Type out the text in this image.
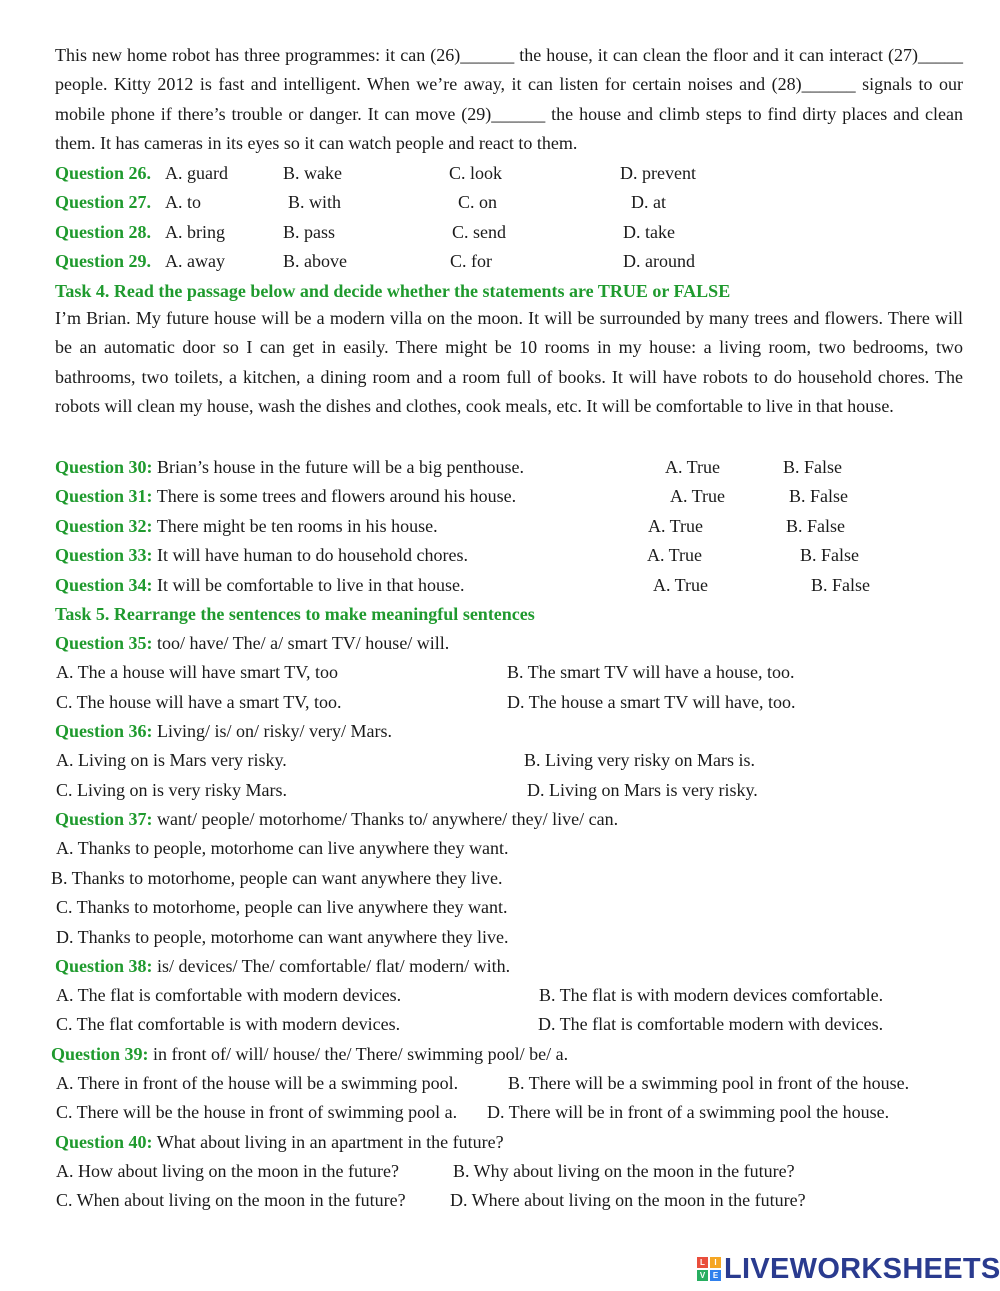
This new home robot has three programmes: it can (26)______ the house, it can clean the floor and it can interact (27)_____ people. Kitty 2012 is fast and intelligent. When we’re away, it can listen for certain noises and (28)______ signals to our mobile phone if there’s trouble or danger. It can move (29)______ the house and climb steps to find dirty places and clean them. It has cameras in its eyes so it can watch people and react to them.

Question 26. A. guard	B. wake	C. look	D. prevent
Question 27. A. to	B. with	C. on	D. at
Question 28. A. bring	B. pass	C. send	D. take
Question 29. A. away	B. above	C. for	D. around
Task 4. Read the passage below and decide whether the statements are TRUE or FALSE

I’m Brian. My future house will be a modern villa on the moon. It will be surrounded by many trees and flowers. There will be an automatic door so I can get in easily. There might be 10 rooms in my house: a living room, two bedrooms, two bathrooms, two toilets, a kitchen, a dining room and a room full of books. It will have robots to do household chores. The robots will clean my house, wash the dishes and clothes, cook meals, etc. It will be comfortable to live in that house.

Question 30: Brian’s house in the future will be a big penthouse.	A. True	B. False
Question 31: There is some trees and flowers around his house.	A. True	B. False
Question 32: There might be ten rooms in his house.	A. True	B. False
Question 33: It will have human to do household chores.	A. True	B. False
Question 34: It will be comfortable to live in that house.	A. True	B. False
Task 5. Rearrange the sentences to make meaningful sentences
Question 35: too/ have/ The/ a/ smart TV/ house/ will.
A. The a house will have smart TV, too	B. The smart TV will have a house, too.
C. The house will have a smart TV, too.	D. The house a smart TV will have, too.
Question 36: Living/ is/ on/ risky/ very/ Mars.
A. Living on is Mars very risky.	B. Living very risky on Mars is.
C. Living on is very risky Mars.	D. Living on Mars is very risky.
Question 37: want/ people/ motorhome/ Thanks to/ anywhere/ they/ live/ can.
A. Thanks to people, motorhome can live anywhere they want.
B. Thanks to motorhome, people can want anywhere they live.
C. Thanks to motorhome, people can live anywhere they want.
D. Thanks to people, motorhome can want anywhere they live.
Question 38: is/ devices/ The/ comfortable/ flat/ modern/ with.
A. The flat is comfortable with modern devices.	B. The flat is with modern devices comfortable.
C. The flat comfortable is with modern devices.	D. The flat is comfortable modern with devices.
Question 39: in front of/ will/ house/ the/ There/ swimming pool/ be/ a.
A. There in front of the house will be a swimming pool.	B. There will be a swimming pool in front of the house.
C. There will be the house in front of swimming pool a. D. There will be in front of a swimming pool the house.
Question 40: What about living in an apartment in the future?
A. How about living on the moon in the future?	B. Why about living on the moon in the future?
C. When about living on the moon in the future? D. Where about living on the moon in the future?
L	I
V E LIVEWORKSHEETS
